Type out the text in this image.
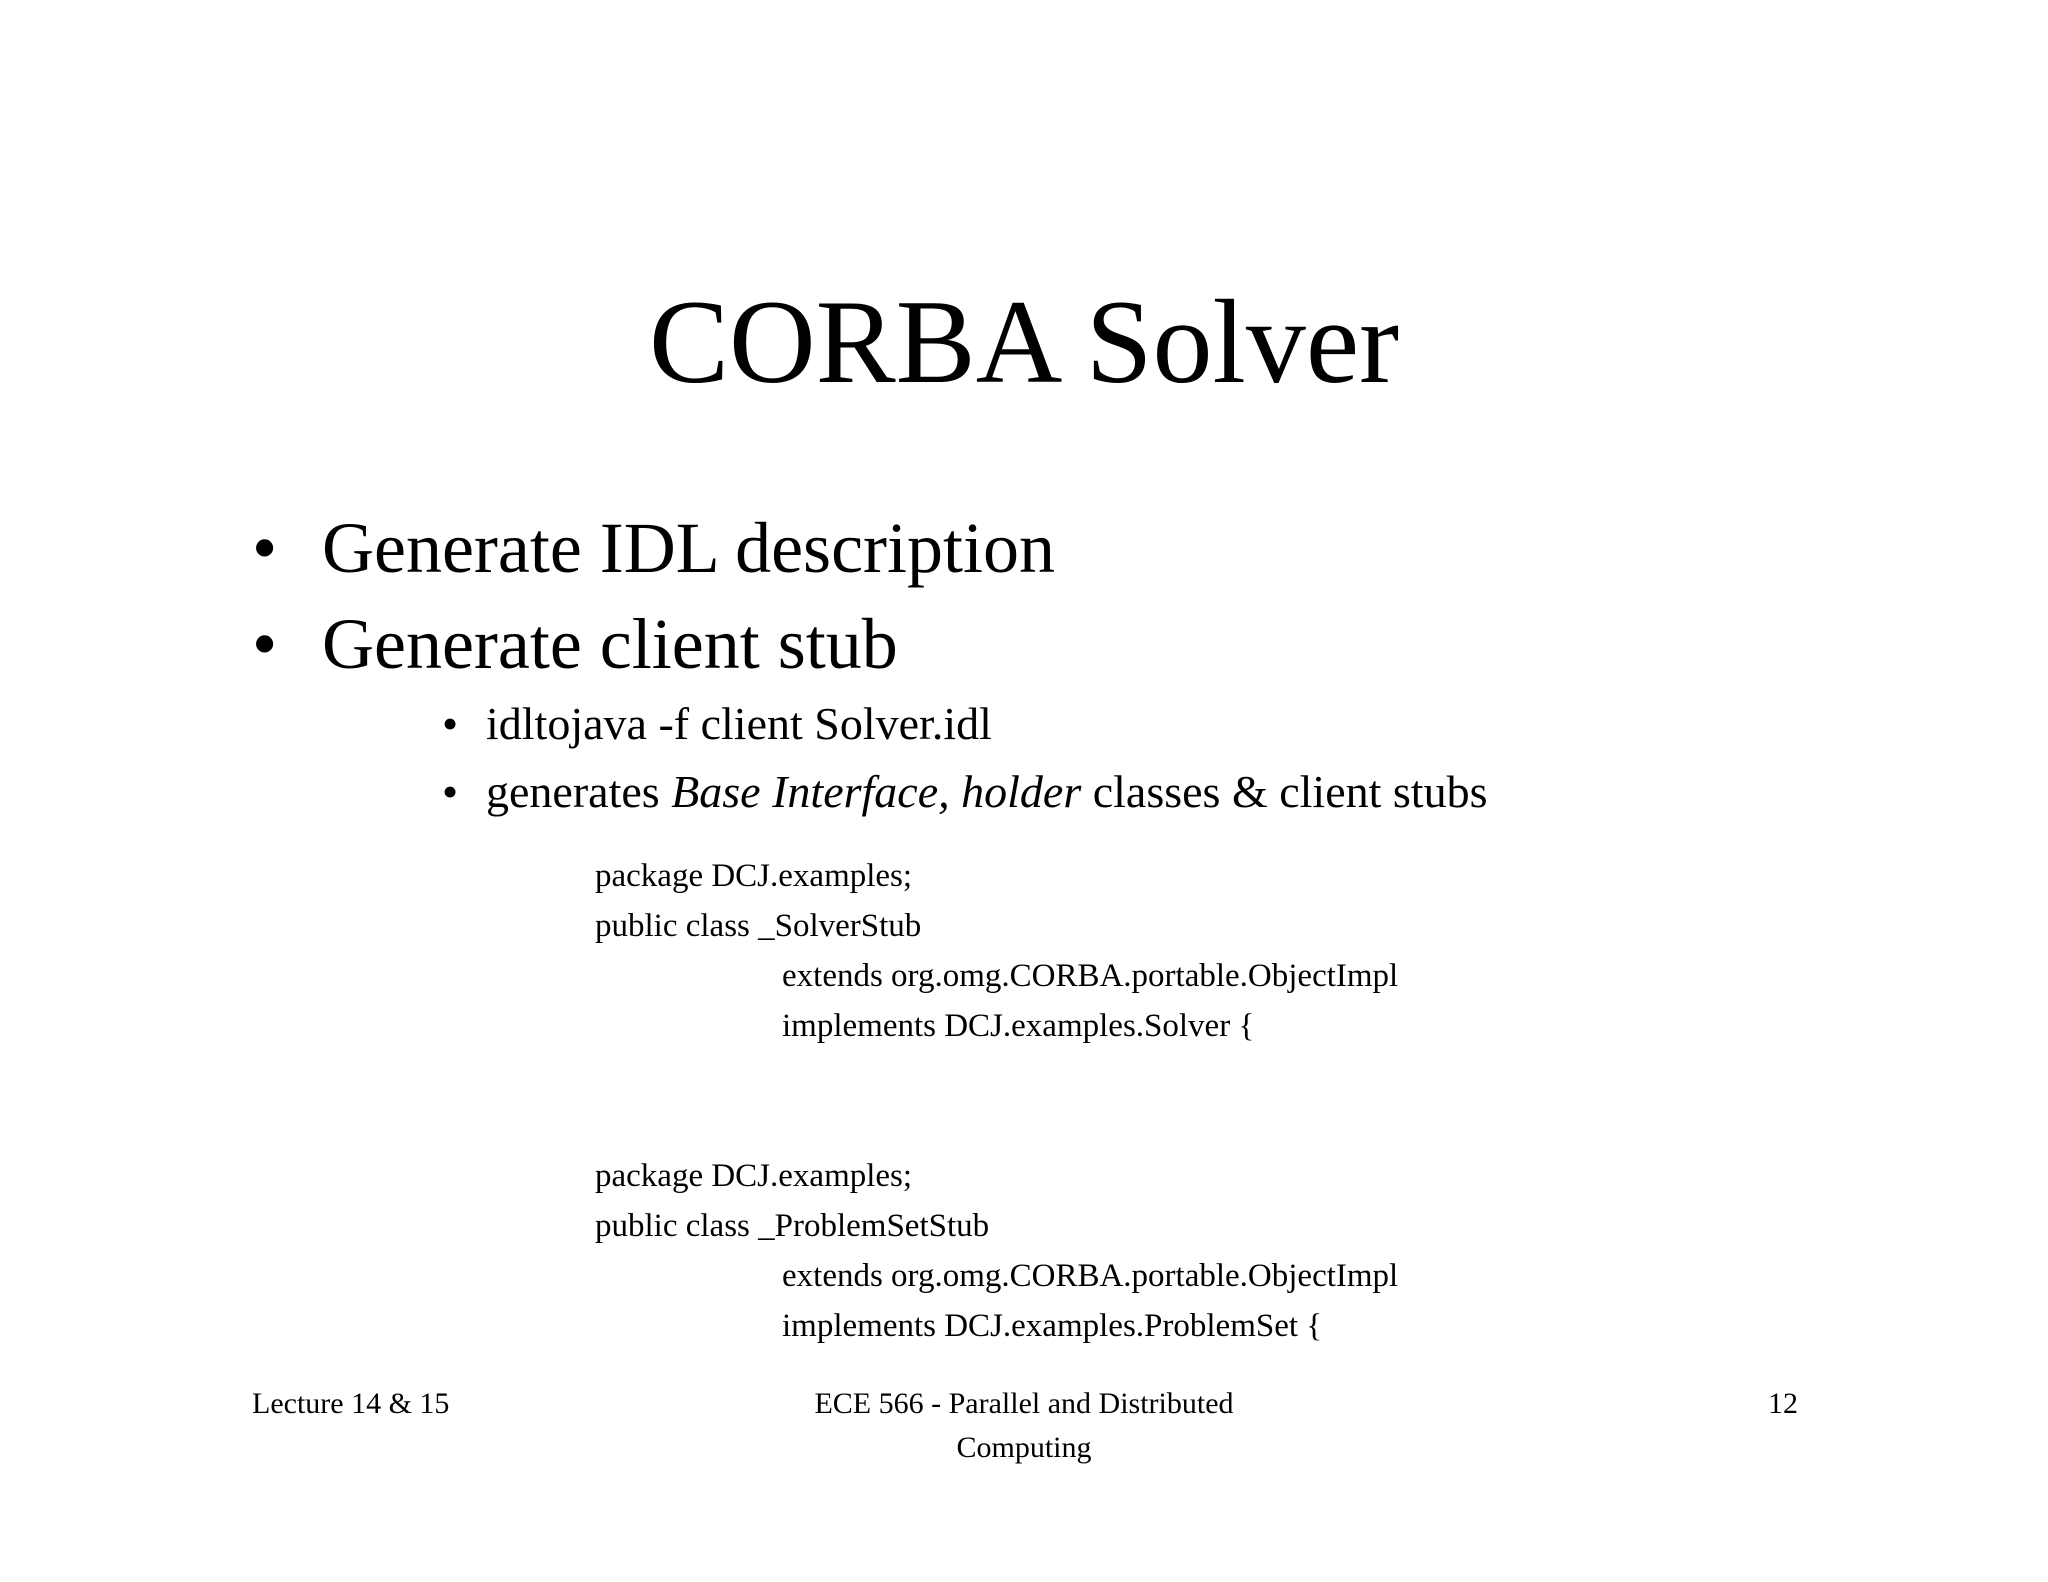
CORBA Solver
• Generate IDL description
• Generate client stub
• idltojava -f client Solver.idl
• generates Base Interface, holder classes & client stubs
package DCJ.examples;
public class _SolverStub
extends org.omg.CORBA.portable.ObjectImpl
implements DCJ.examples.Solver {
package DCJ.examples;
public class _ProblemSetStub
extends org.omg.CORBA.portable.ObjectImpl
implements DCJ.examples.ProblemSet {
Lecture 14 & 15	ECE 566 - Parallel and Distributed
Computing
12
